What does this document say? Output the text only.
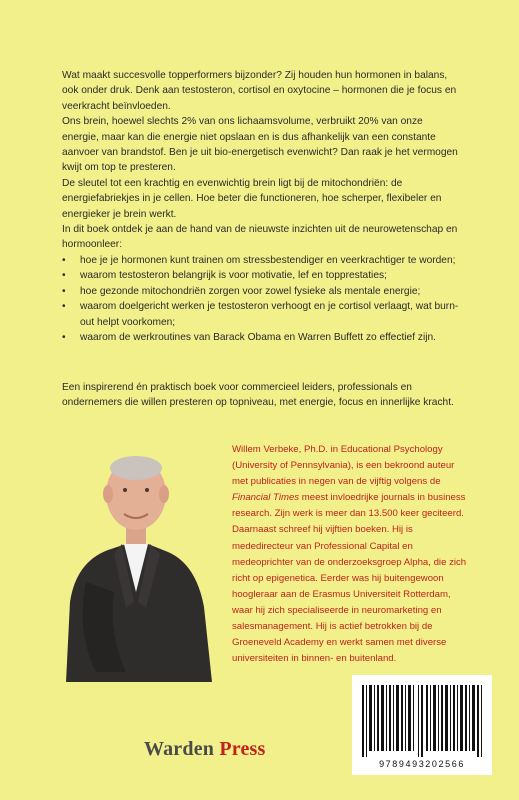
Wat maakt succesvolle topperformers bijzonder? Zij houden hun hormonen in balans, ook onder druk. Denk aan testosteron, cortisol en oxytocine – hormonen die je focus en veerkracht beïnvloeden.

Ons brein, hoewel slechts 2% van ons lichaamsvolume, verbruikt 20% van onze energie, maar kan die energie niet opslaan en is dus afhankelijk van een constante aanvoer van brandstof. Ben je uit bio-energetisch evenwicht? Dan raak je het vermogen kwijt om top te presteren.

De sleutel tot een krachtig en evenwichtig brein ligt bij de mitochondriën: de energiefabriekjes in je cellen. Hoe beter die functioneren, hoe scherper, flexibeler en energieker je brein werkt.

In dit boek ontdek je aan de hand van de nieuwste inzichten uit de neurowetenschap en hormoonleer:

• hoe je je hormonen kunt trainen om stressbestendiger en veerkrachtiger te worden;
• waarom testosteron belangrijk is voor motivatie, lef en topprestaties;
• hoe gezonde mitochondriën zorgen voor zowel fysieke als mentale energie;
• waarom doelgericht werken je testosteron verhoogt en je cortisol verlaagt, wat burn-out helpt voorkomen;
• waarom de werkroutines van Barack Obama en Warren Buffett zo effectief zijn.

Een inspirerend én praktisch boek voor commercieel leiders, professionals en ondernemers die willen presteren op topniveau, met energie, focus en innerlijke kracht.

Willem Verbeke, Ph.D. in Educational Psychology (University of Pennsylvania), is een bekroond auteur met publicaties in negen van de vijftig volgens de Financial Times meest invloedrijke journals in business research. Zijn werk is meer dan 13.500 keer geciteerd. Daarnaast schreef hij vijftien boeken. Hij is mededirecteur van Professional Capital en medeoprichter van de onderzoeksgroep Alpha, die zich richt op epigenetica. Eerder was hij buitengewoon hoogleraar aan de Erasmus Universiteit Rotterdam, waar hij zich specialiseerde in neuromarketing en salesmanagement. Hij is actief betrokken bij de Groeneveld Academy en werkt samen met diverse universiteiten in binnen- en buitenland.
Warden Press
9789493202566
